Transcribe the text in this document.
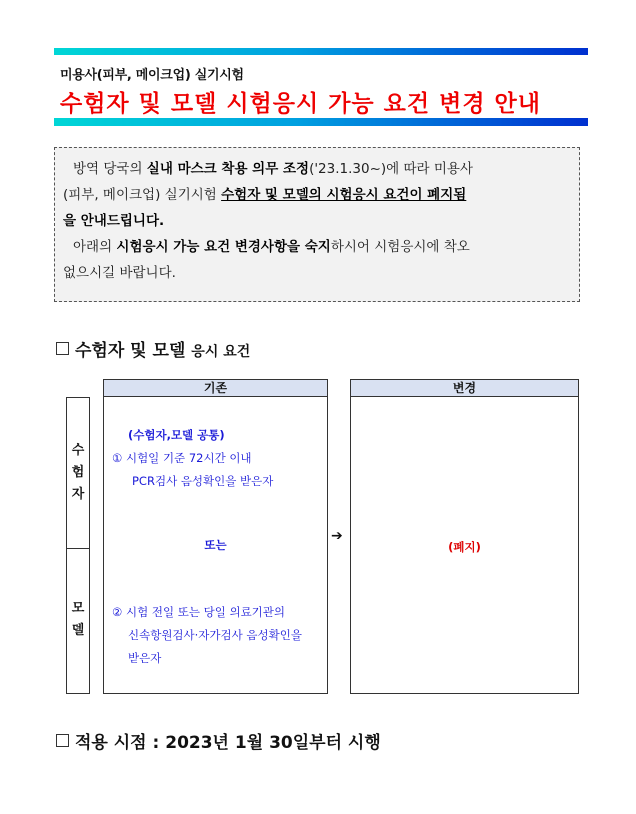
미용사(피부, 메이크업) 실기시험
수험자 및 모델 시험응시 가능 요건 변경 안내
방역 당국의 실내 마스크 착용 의무 조정('23.1.30~)에 따라 미용사
(피부, 메이크업) 실기시험 수험자 및 모델의 시험응시 요건이 폐지됨
을 안내드립니다.
아래의 시험응시 가능 요건 변경사항을 숙지하시어 시험응시에 착오
없으시길 바랍니다.
수험자 및 모델 응시 요건
기존	변경
수
험
자
모
델
(수험자,모델 공통)
① 시험일 기준 72시간 이내
PCR검사 음성확인을 받은자
또는
② 시험 전일 또는 당일 의료기관의
신속항원검사·자가검사 음성확인을
받은자
➔
(폐지)
적용 시점 : 2023년 1월 30일부터 시행
